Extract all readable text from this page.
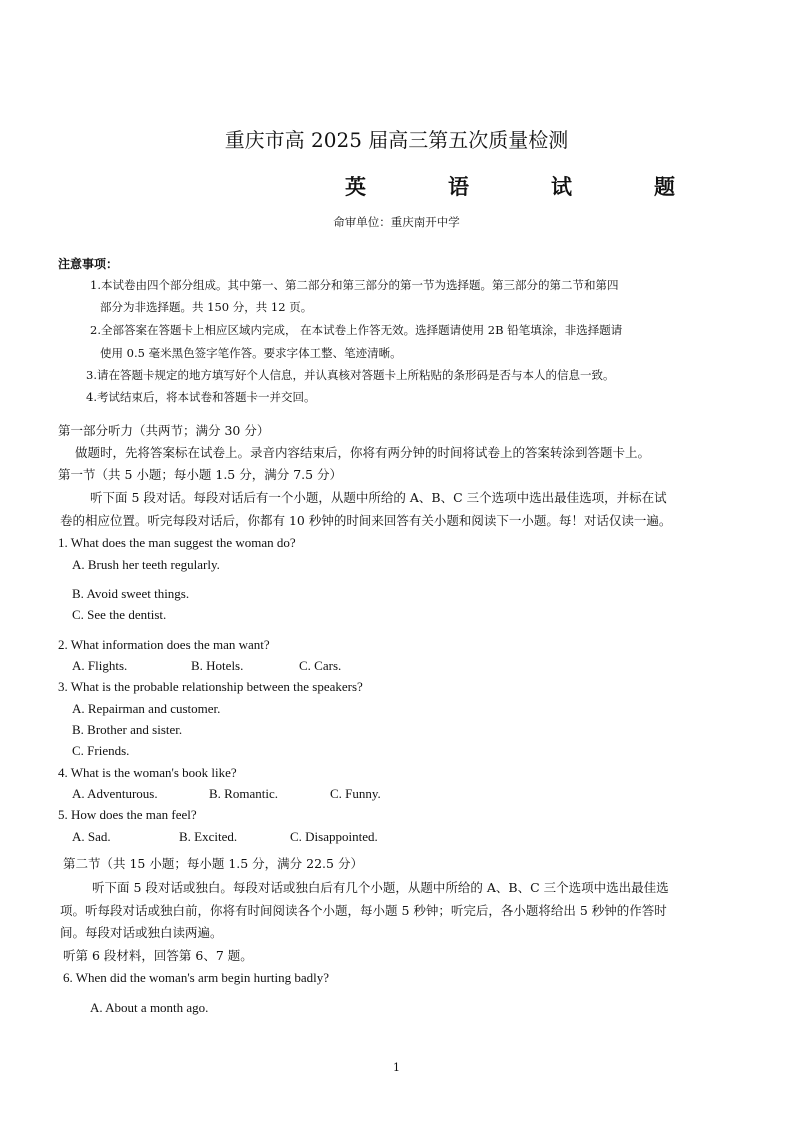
重庆市高 2025 届高三第五次质量检测
英	语	试	题
命审单位：重庆南开中学
注意事项：
1.本试卷由四个部分组成。其中第一、第二部分和第三部分的第一节为选择题。第三部分的第二节和第四
部分为非选择题。共 150 分，共 12 页。
2.全部答案在答题卡上相应区域内完成， 在本试卷上作答无效。选择题请使用 2B 铅笔填涂，非选择题请
使用 0.5 毫米黑色签字笔作答。要求字体工整、笔迹清晰。
3.请在答题卡规定的地方填写好个人信息，并认真核对答题卡上所粘贴的条形码是否与本人的信息一致。
4.考试结束后，将本试卷和答题卡一并交回。
第一部分听力（共两节；满分 30 分）
做题时，先将答案标在试卷上。录音内容结束后，你将有两分钟的时间将试卷上的答案转涂到答题卡上。
第一节（共 5 小题；每小题 1.5 分，满分 7.5 分）
听下面 5 段对话。每段对话后有一个小题，从题中所给的 A、B、C 三个选项中选出最佳选项，并标在试
卷的相应位置。听完每段对话后，你都有 10 秒钟的时间来回答有关小题和阅读下一小题。每！对话仅读一遍。
1. What does the man suggest the woman do?
A. Brush her teeth regularly.
B. Avoid sweet things.
C. See the dentist.
2. What information does the man want?
A. Flights.	B. Hotels.	C. Cars.
3. What is the probable relationship between the speakers?
A. Repairman and customer.
B. Brother and sister.
C. Friends.
4. What is the woman's book like?
A. Adventurous.	B. Romantic.	C. Funny.
5. How does the man feel?
A. Sad.	B. Excited.	C. Disappointed.
第二节（共 15 小题；每小题 1.5 分，满分 22.5 分）
听下面 5 段对话或独白。每段对话或独白后有几个小题，从题中所给的 A、B、C 三个选项中选出最佳选
项。听每段对话或独白前，你将有时间阅读各个小题，每小题 5 秒钟；听完后，各小题将给出 5 秒钟的作答时
间。每段对话或独白读两遍。
听第 6 段材料，回答第 6、7 题。
6. When did the woman's arm begin hurting badly?
A. About a month ago.
1
